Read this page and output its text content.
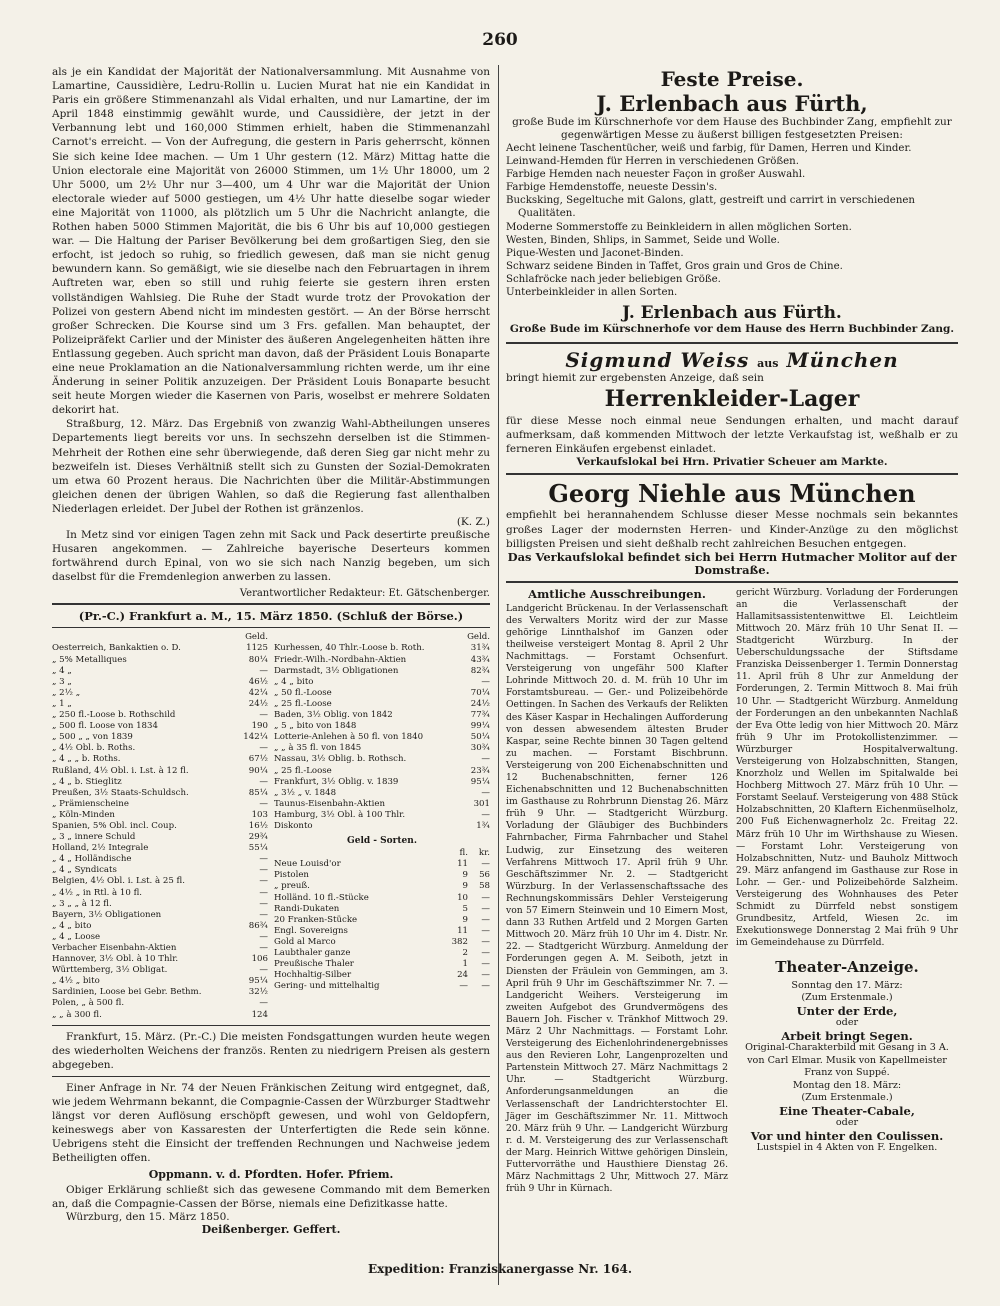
260

als je ein Kandidat der Majorität der Nationalversammlung. Mit Ausnahme von Lamartine, Caussidière, Ledru-Rollin u. Lucien Murat hat nie ein Kandidat in Paris ein größere Stimmenanzahl als Vidal erhalten, und nur Lamartine, der im April 1848 einstimmig gewählt wurde, und Caussidière, der jetzt in der Verbannung lebt und 160,000 Stimmen erhielt, haben die Stimmenanzahl Carnot's erreicht. — Von der Aufregung, die gestern in Paris geherrscht, können Sie sich keine Idee machen. — Um 1 Uhr gestern (12. März) Mittag hatte die Union electorale eine Majorität von 26000 Stimmen, um 1½ Uhr 18000, um 2 Uhr 5000, um 2½ Uhr nur 3—400, um 4 Uhr war die Majorität der Union electorale wieder auf 5000 gestiegen, um 4½ Uhr hatte dieselbe sogar wieder eine Majorität von 11000, als plötzlich um 5 Uhr die Nachricht anlangte, die Rothen haben 5000 Stimmen Majorität, die bis 6 Uhr bis auf 10,000 gestiegen war. — Die Haltung der Pariser Bevölkerung bei dem großartigen Sieg, den sie erfocht, ist jedoch so ruhig, so friedlich gewesen, daß man sie nicht genug bewundern kann. So gemäßigt, wie sie dieselbe nach den Februartagen in ihrem Auftreten war, eben so still und ruhig feierte sie gestern ihren ersten vollständigen Wahlsieg. Die Ruhe der Stadt wurde trotz der Provokation der Polizei von gestern Abend nicht im mindesten gestört. — An der Börse herrscht großer Schrecken. Die Kourse sind um 3 Frs. gefallen. Man behauptet, der Polizeipräfekt Carlier und der Minister des äußeren Angelegenheiten hätten ihre Entlassung gegeben. Auch spricht man davon, daß der Präsident Louis Bonaparte eine neue Proklamation an die Nationalversammlung richten werde, um ihr eine Änderung in seiner Politik anzuzeigen. Der Präsident Louis Bonaparte besucht seit heute Morgen wieder die Kasernen von Paris, woselbst er mehrere Soldaten dekorirt hat.

Straßburg, 12. März. Das Ergebniß von zwanzig Wahl-Abtheilungen unseres Departements liegt bereits vor uns. In sechszehn derselben ist die Stimmen-Mehrheit der Rothen eine sehr überwiegende, daß deren Sieg gar nicht mehr zu bezweifeln ist. Dieses Verhältniß stellt sich zu Gunsten der Sozial-Demokraten um etwa 60 Prozent heraus. Die Nachrichten über die Militär-Abstimmungen gleichen denen der übrigen Wahlen, so daß die Regierung fast allenthalben Niederlagen erleidet. Der Jubel der Rothen ist gränzenlos.

(K. Z.)

In Metz sind vor einigen Tagen zehn mit Sack und Pack desertirte preußische Husaren angekommen. — Zahlreiche bayerische Deserteurs kommen fortwährend durch Epinal, von wo sie sich nach Nanzig begeben, um sich daselbst für die Fremdenlegion anwerben zu lassen.

Verantwortlicher Redakteur: Et. Gätschenberger.
(Pr.-C.) Frankfurt a. M., 15. März 1850. (Schluß der Börse.)
Geld.
Oesterreich, Bankaktien o. D.	1125
„ 5% Metalliques	80¼
„ 4 „	—
„ 3 „	46½
„ 2½ „	42¼
„ 1 „	24½
„ 250 fl.-Loose b. Rothschild	—
„ 500 fl. Loose von 1834	190
„ 500 „ „ von 1839	142¼
„ 4½ Obl. b. Roths.	—
„ 4 „ „ b. Roths.	67½
Rußland, 4½ Obl. i. Lst. à 12 fl.	90¼
„ 4 „ b. Stieglitz	—
Preußen, 3½ Staats-Schuldsch.	85¼
„ Prämienscheine	—
„ Köln-Minden	103
Spanien, 5% Obl. incl. Coup.	16½
„ 3 „ innere Schuld	29¾
Holland, 2½ Integrale	55¼
„ 4 „ Holländische	—
„ 4 „ Syndicats	—
Belgien, 4½ Obl. i. Lst. à 25 fl.	—
„ 4½ „ in Rtl. à 10 fl.	—
„ 3 „ „ à 12 fl.	—
Bayern, 3½ Obligationen	—
„ 4 „ bito	86¾
„ 4 „ Loose	—
Verbacher Eisenbahn-Aktien	—
Hannover, 3½ Obl. à 10 Thlr.	106
Württemberg, 3½ Obligat.	—
„ 4½ „ bito	95¼
Sardinien, Loose bei Gebr. Bethm.	32½
Polen, „ à 500 fl.	—
„ „ à 300 fl.	124
Geld.
Kurhessen, 40 Thlr.-Loose b. Roth.	31¾
Friedr.-Wilh.-Nordbahn-Aktien	43¾
Darmstadt, 3½ Obligationen	82¾
„ 4 „ bito	—
„ 50 fl.-Loose	70¼
„ 25 fl.-Loose	24½
Baden, 3½ Oblig. von 1842	77¾
„ 5 „ bito von 1848	99¼
Lotterie-Anlehen à 50 fl. von 1840	50¼
„ „ à 35 fl. von 1845	30¾
Nassau, 3½ Oblig. b. Rothsch.	—
„ 25 fl.-Loose	23¾
Frankfurt, 3½ Oblig. v. 1839	95¼
„ 3½ „ v. 1848	—
Taunus-Eisenbahn-Aktien	301
Hamburg, 3½ Obl. à 100 Thlr.	—
Diskonto	1¾
Geld - Sorten.
fl.	kr.
Neue Louisd'or	11	—
Pistolen	9	56
„ preuß.	9	58
Holländ. 10 fl.-Stücke	10	—
Randi-Dukaten	5	—
20 Franken-Stücke	9	—
Engl. Sovereigns	11	—
Gold al Marco	382	—
Laubthaler ganze	2	—
Preußische Thaler	1	—
Hochhaltig-Silber	24	—
Gering- und mittelhaltig	—	—

Frankfurt, 15. März. (Pr.-C.) Die meisten Fondsgattungen wurden heute wegen des wiederholten Weichens der französ. Renten zu niedrigern Preisen als gestern abgegeben.

Einer Anfrage in Nr. 74 der Neuen Fränkischen Zeitung wird entgegnet, daß, wie jedem Wehrmann bekannt, die Compagnie-Cassen der Würzburger Stadtwehr längst vor deren Auflösung erschöpft gewesen, und wohl von Geldopfern, keineswegs aber von Kassaresten der Unterfertigten die Rede sein könne. Uebrigens steht die Einsicht der treffenden Rechnungen und Nachweise jedem Betheiligten offen.

Oppmann. v. d. Pfordten. Hofer. Pfriem.

Obiger Erklärung schließt sich das gewesene Commando mit dem Bemerken an, daß die Compagnie-Cassen der Börse, niemals eine Defizitkasse hatte.

Würzburg, den 15. März 1850.
Deißenberger. Geffert.
Feste Preise.
J. Erlenbach aus Fürth,
große Bude im Kürschnerhofe vor dem Hause des Buchbinder Zang, empfiehlt zur gegenwärtigen Messe zu äußerst billigen festgesetzten Preisen:
Aecht leinene Taschentücher, weiß und farbig, für Damen, Herren und Kinder.
Leinwand-Hemden für Herren in verschiedenen Größen.
Farbige Hemden nach neuester Façon in großer Auswahl.
Farbige Hemdenstoffe, neueste Dessin's.
Bucksking, Segeltuche mit Galons, glatt, gestreift und carrirt in verschiedenen Qualitäten.
Moderne Sommerstoffe zu Beinkleidern in allen möglichen Sorten.
Westen, Binden, Shlips, in Sammet, Seide und Wolle.
Pique-Westen und Jaconet-Binden.
Schwarz seidene Binden in Taffet, Gros grain und Gros de Chine.
Schlafröcke nach jeder beliebigen Größe.
Unterbeinkleider in allen Sorten.
J. Erlenbach aus Fürth.
Große Bude im Kürschnerhofe vor dem Hause des Herrn Buchbinder Zang.
Sigmund Weiss aus München
bringt hiemit zur ergebensten Anzeige, daß sein
Herrenkleider-Lager

für diese Messe noch einmal neue Sendungen erhalten, und macht darauf aufmerksam, daß kommenden Mittwoch der letzte Verkaufstag ist, weßhalb er zu ferneren Einkäufen ergebenst einladet.

Verkaufslokal bei Hrn. Privatier Scheuer am Markte.
Georg Niehle aus München

empfiehlt bei herannahendem Schlusse dieser Messe nochmals sein bekanntes großes Lager der modernsten Herren- und Kinder-Anzüge zu den möglichst billigsten Preisen und sieht deßhalb recht zahlreichen Besuchen entgegen.

Das Verkaufslokal befindet sich bei Herrn Hutmacher Molitor auf der Domstraße.
Amtliche Ausschreibungen.

Landgericht Brückenau. In der Verlassenschaft des Verwalters Moritz wird der zur Masse gehörige Linnthalshof im Ganzen oder theilweise versteigert Montag 8. April 2 Uhr Nachmittags. — Forstamt Ochsenfurt. Versteigerung von ungefähr 500 Klafter Lohrinde Mittwoch 20. d. M. früh 10 Uhr im Forstamtsbureau. — Ger.- und Polizeibehörde Oettingen. In Sachen des Verkaufs der Relikten des Käser Kaspar in Hechalingen Aufforderung von dessen abwesendem ältesten Bruder Kaspar, seine Rechte binnen 30 Tagen geltend zu machen. — Forstamt Bischbrunn. Versteigerung von 200 Eichenabschnitten und 12 Buchenabschnitten, ferner 126 Eichenabschnitten und 12 Buchenabschnitten im Gasthause zu Rohrbrunn Dienstag 26. März früh 9 Uhr. — Stadtgericht Würzburg. Vorladung der Gläubiger des Buchbinders Fahrnbacher, Firma Fahrnbacher und Stahel Ludwig, zur Einsetzung des weiteren Verfahrens Mittwoch 17. April früh 9 Uhr. Geschäftszimmer Nr. 2. — Stadtgericht Würzburg. In der Verlassenschaftssache des Rechnungskommissärs Dehler Versteigerung von 57 Eimern Steinwein und 10 Eimern Most, dann 33 Ruthen Artfeld und 2 Morgen Garten Mittwoch 20. März früh 10 Uhr im 4. Distr. Nr. 22. — Stadtgericht Würzburg. Anmeldung der Forderungen gegen A. M. Seiboth, jetzt in Diensten der Fräulein von Gemmingen, am 3. April früh 9 Uhr im Geschäftszimmer Nr. 7. — Landgericht Weihers. Versteigerung im zweiten Aufgebot des Grundvermögens des Bauern Joh. Fischer v. Tränkhof Mittwoch 29. März 2 Uhr Nachmittags. — Forstamt Lohr. Versteigerung des Eichenlohrindenergebnisses aus den Revieren Lohr, Langenprozelten und Partenstein Mittwoch 27. März Nachmittags 2 Uhr. — Stadtgericht Würzburg. Anforderungsanmeldungen an die Verlassenschaft der Landrichterstochter El. Jäger im Geschäftszimmer Nr. 11. Mittwoch 20. März früh 9 Uhr. — Landgericht Würzburg r. d. M. Versteigerung des zur Verlassenschaft der Marg. Heinrich Wittwe gehörigen Dinslein, Futtervorräthe und Hausthiere Dienstag 26. März Nachmittags 2 Uhr, Mittwoch 27. März früh 9 Uhr in Kürnach.

gericht Würzburg. Vorladung der Forderungen an die Verlassenschaft der Hallamitsassistentenwittwe El. Leichtleim Mittwoch 20. März früh 10 Uhr Senat II. — Stadtgericht Würzburg. In der Ueberschuldungssache der Stiftsdame Franziska Deissenberger 1. Termin Donnerstag 11. April früh 8 Uhr zur Anmeldung der Forderungen, 2. Termin Mittwoch 8. Mai früh 10 Uhr. — Stadtgericht Würzburg. Anmeldung der Forderungen an den unbekannten Nachlaß der Eva Otte ledig von hier Mittwoch 20. März früh 9 Uhr im Protokollistenzimmer. — Würzburger Hospitalverwaltung. Versteigerung von Holzabschnitten, Stangen, Knorzholz und Wellen im Spitalwalde bei Hochberg Mittwoch 27. März früh 10 Uhr. — Forstamt Seelauf. Versteigerung von 488 Stück Holzabschnitten, 20 Klaftern Eichenmüselholz, 200 Fuß Eichenwagnerholz 2c. Freitag 22. März früh 10 Uhr im Wirthshause zu Wiesen. — Forstamt Lohr. Versteigerung von Holzabschnitten, Nutz- und Bauholz Mittwoch 29. März anfangend im Gasthause zur Rose in Lohr. — Ger.- und Polizeibehörde Salzheim. Versteigerung des Wohnhauses des Peter Schmidt zu Dürrfeld nebst sonstigem Grundbesitz, Artfeld, Wiesen 2c. im Exekutionswege Donnerstag 2 Mai früh 9 Uhr im Gemeindehause zu Dürrfeld.

Theater-Anzeige.
Sonntag den 17. März:
(Zum Erstenmale.)
Unter der Erde,
oder
Arbeit bringt Segen.
Original-Charakterbild mit Gesang in 3 A. von Carl Elmar. Musik von Kapellmeister Franz von Suppé.
Montag den 18. März:
(Zum Erstenmale.)
Eine Theater-Cabale,
oder
Vor und hinter den Coulissen.
Lustspiel in 4 Akten von F. Engelken.
Expedition: Franziskanergasse Nr. 164.
